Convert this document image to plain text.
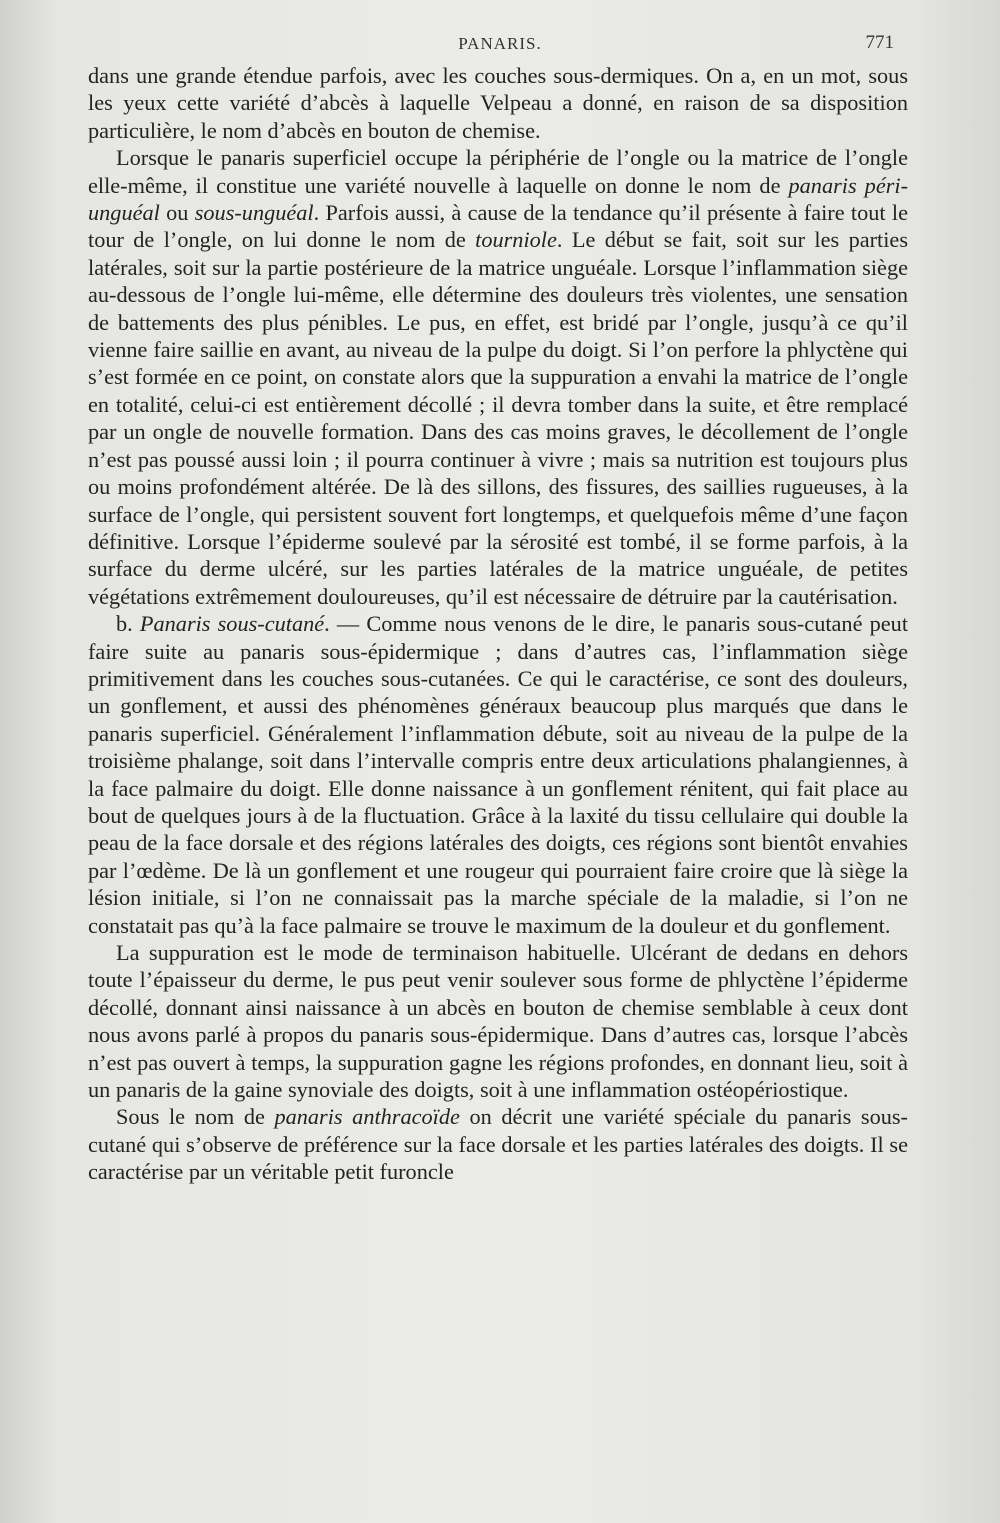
PANARIS.	771

dans une grande étendue parfois, avec les couches sous-dermiques. On a, en un mot, sous les yeux cette variété d’abcès à laquelle Velpeau a donné, en raison de sa disposition particulière, le nom d’abcès en bouton de chemise.

Lorsque le panaris superficiel occupe la périphérie de l’ongle ou la matrice de l’ongle elle-même, il constitue une variété nouvelle à laquelle on donne le nom de panaris péri-unguéal ou sous-unguéal. Parfois aussi, à cause de la tendance qu’il présente à faire tout le tour de l’ongle, on lui donne le nom de tourniole. Le début se fait, soit sur les parties latérales, soit sur la partie postérieure de la matrice unguéale. Lorsque l’inflammation siège au-dessous de l’ongle lui-même, elle détermine des douleurs très violentes, une sensation de battements des plus pénibles. Le pus, en effet, est bridé par l’ongle, jusqu’à ce qu’il vienne faire saillie en avant, au niveau de la pulpe du doigt. Si l’on perfore la phlyctène qui s’est formée en ce point, on constate alors que la suppuration a envahi la matrice de l’ongle en totalité, celui-ci est entièrement décollé ; il devra tomber dans la suite, et être remplacé par un ongle de nouvelle formation. Dans des cas moins graves, le décollement de l’ongle n’est pas poussé aussi loin ; il pourra continuer à vivre ; mais sa nutrition est toujours plus ou moins profondément altérée. De là des sillons, des fissures, des saillies rugueuses, à la surface de l’ongle, qui persistent souvent fort longtemps, et quelquefois même d’une façon définitive. Lorsque l’épiderme soulevé par la sérosité est tombé, il se forme parfois, à la surface du derme ulcéré, sur les parties latérales de la matrice unguéale, de petites végétations extrêmement douloureuses, qu’il est nécessaire de détruire par la cautérisation.

b. Panaris sous-cutané. — Comme nous venons de le dire, le panaris sous-cutané peut faire suite au panaris sous-épidermique ; dans d’autres cas, l’inflammation siège primitivement dans les couches sous-cutanées. Ce qui le caractérise, ce sont des douleurs, un gonflement, et aussi des phénomènes généraux beaucoup plus marqués que dans le panaris superficiel. Généralement l’inflammation débute, soit au niveau de la pulpe de la troisième phalange, soit dans l’intervalle compris entre deux articulations phalangiennes, à la face palmaire du doigt. Elle donne naissance à un gonflement rénitent, qui fait place au bout de quelques jours à de la fluctuation. Grâce à la laxité du tissu cellulaire qui double la peau de la face dorsale et des régions latérales des doigts, ces régions sont bientôt envahies par l’œdème. De là un gonflement et une rougeur qui pourraient faire croire que là siège la lésion initiale, si l’on ne connaissait pas la marche spéciale de la maladie, si l’on ne constatait pas qu’à la face palmaire se trouve le maximum de la douleur et du gonflement.

La suppuration est le mode de terminaison habituelle. Ulcérant de dedans en dehors toute l’épaisseur du derme, le pus peut venir soulever sous forme de phlyctène l’épiderme décollé, donnant ainsi naissance à un abcès en bouton de chemise semblable à ceux dont nous avons parlé à propos du panaris sous-épidermique. Dans d’autres cas, lorsque l’abcès n’est pas ouvert à temps, la suppuration gagne les régions profondes, en donnant lieu, soit à un panaris de la gaine synoviale des doigts, soit à une inflammation ostéopériostique.

Sous le nom de panaris anthracoïde on décrit une variété spéciale du panaris sous-cutané qui s’observe de préférence sur la face dorsale et les parties latérales des doigts. Il se caractérise par un véritable petit furoncle
